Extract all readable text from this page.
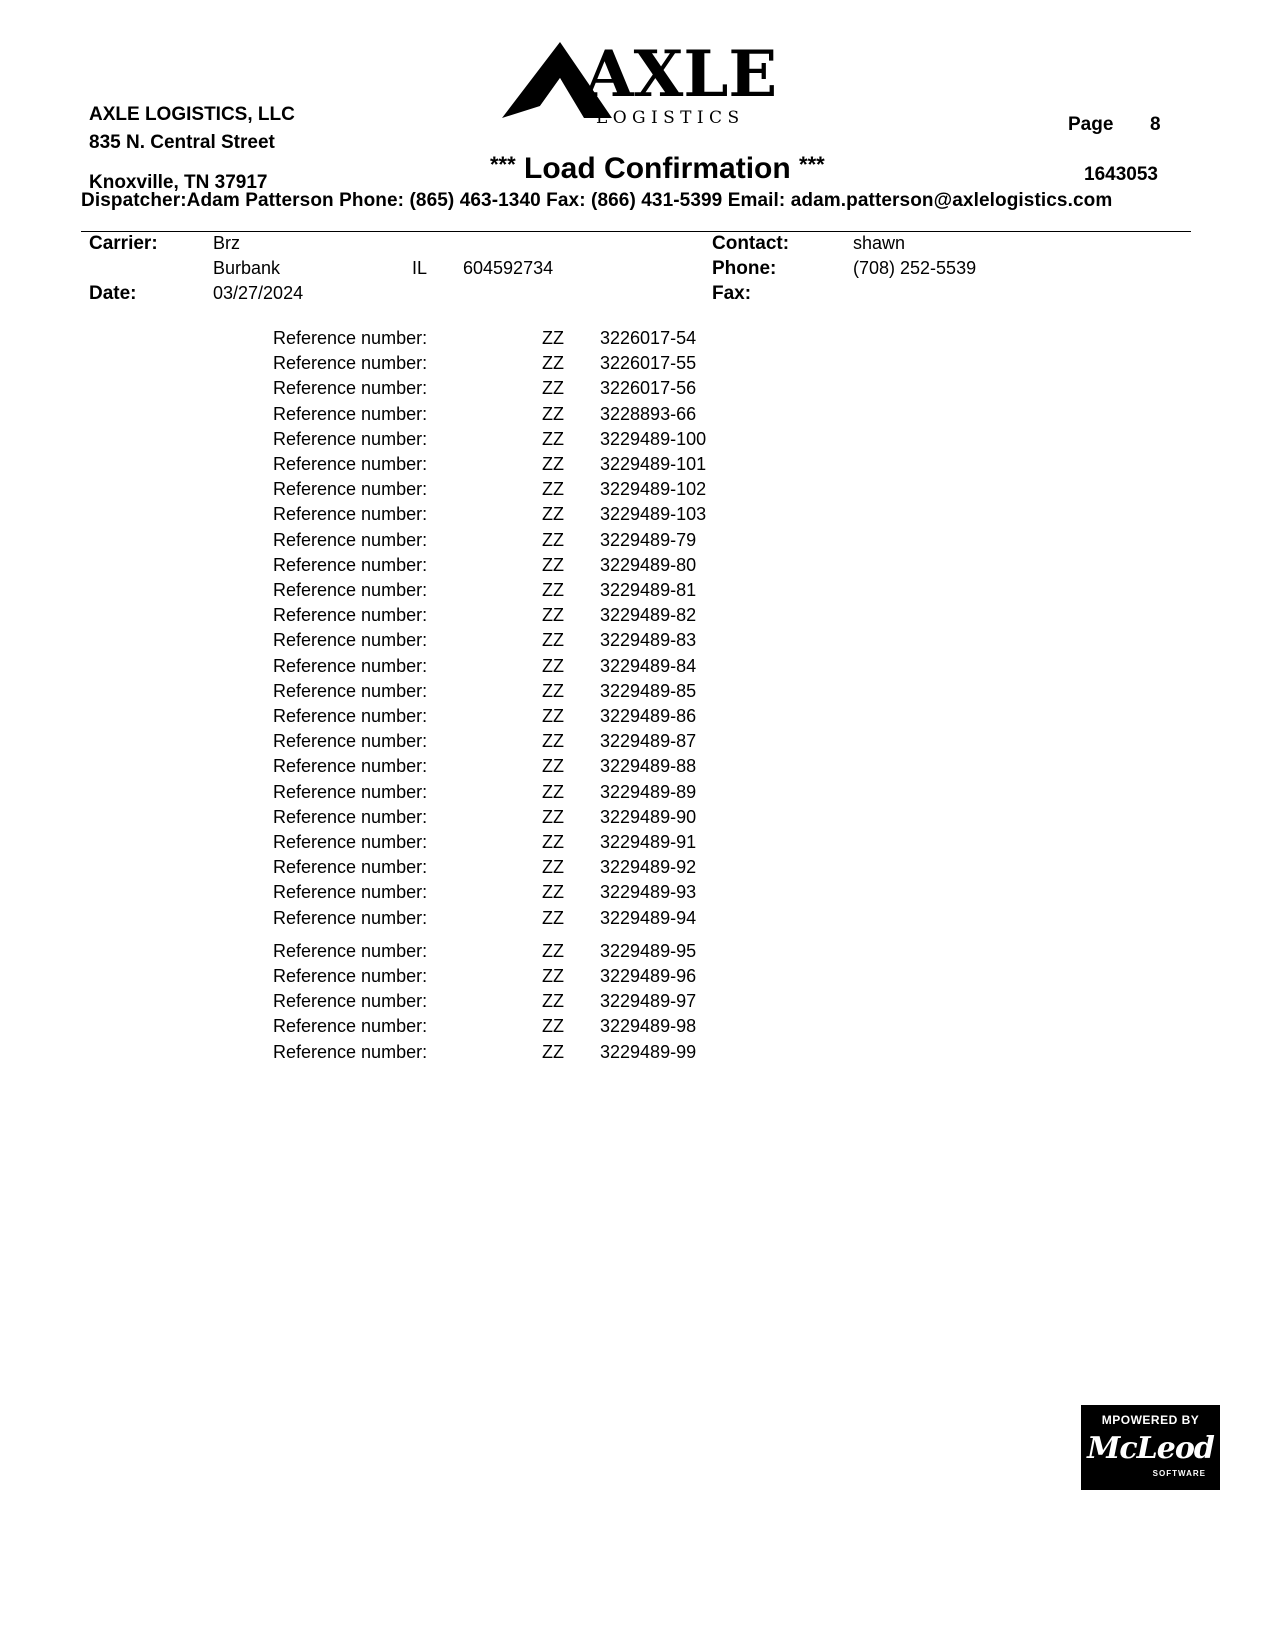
AXLE
L O G I S T I C S
AXLE LOGISTICS, LLC
835 N. Central Street
Knoxville, TN 37917
Dispatcher:Adam Patterson Phone: (865) 463-1340 Fax: (866) 431-5399 Email: adam.patterson@axlelogistics.com
*** Load Confirmation ***
Page 8
1643053
Carrier:	Brz
Burbank	IL 604592734
Date:	03/27/2024
Contact:	shawn
Phone:	(708) 252-5539
Fax:
Reference number:	ZZ 3226017-54
Reference number:	ZZ 3226017-55
Reference number:	ZZ 3226017-56
Reference number:	ZZ 3228893-66
Reference number:	ZZ 3229489-100
Reference number:	ZZ 3229489-101
Reference number:	ZZ 3229489-102
Reference number:	ZZ 3229489-103
Reference number:	ZZ 3229489-79
Reference number:	ZZ 3229489-80
Reference number:	ZZ 3229489-81
Reference number:	ZZ 3229489-82
Reference number:	ZZ 3229489-83
Reference number:	ZZ 3229489-84
Reference number:	ZZ 3229489-85
Reference number:	ZZ 3229489-86
Reference number:	ZZ 3229489-87
Reference number:	ZZ 3229489-88
Reference number:	ZZ 3229489-89
Reference number:	ZZ 3229489-90
Reference number:	ZZ 3229489-91
Reference number:	ZZ 3229489-92
Reference number:	ZZ 3229489-93
Reference number:	ZZ 3229489-94
Reference number:	ZZ 3229489-95
Reference number:	ZZ 3229489-96
Reference number:	ZZ 3229489-97
Reference number:	ZZ 3229489-98
Reference number:	ZZ 3229489-99
MPOWERED BY
McLeod
SOFTWARE
